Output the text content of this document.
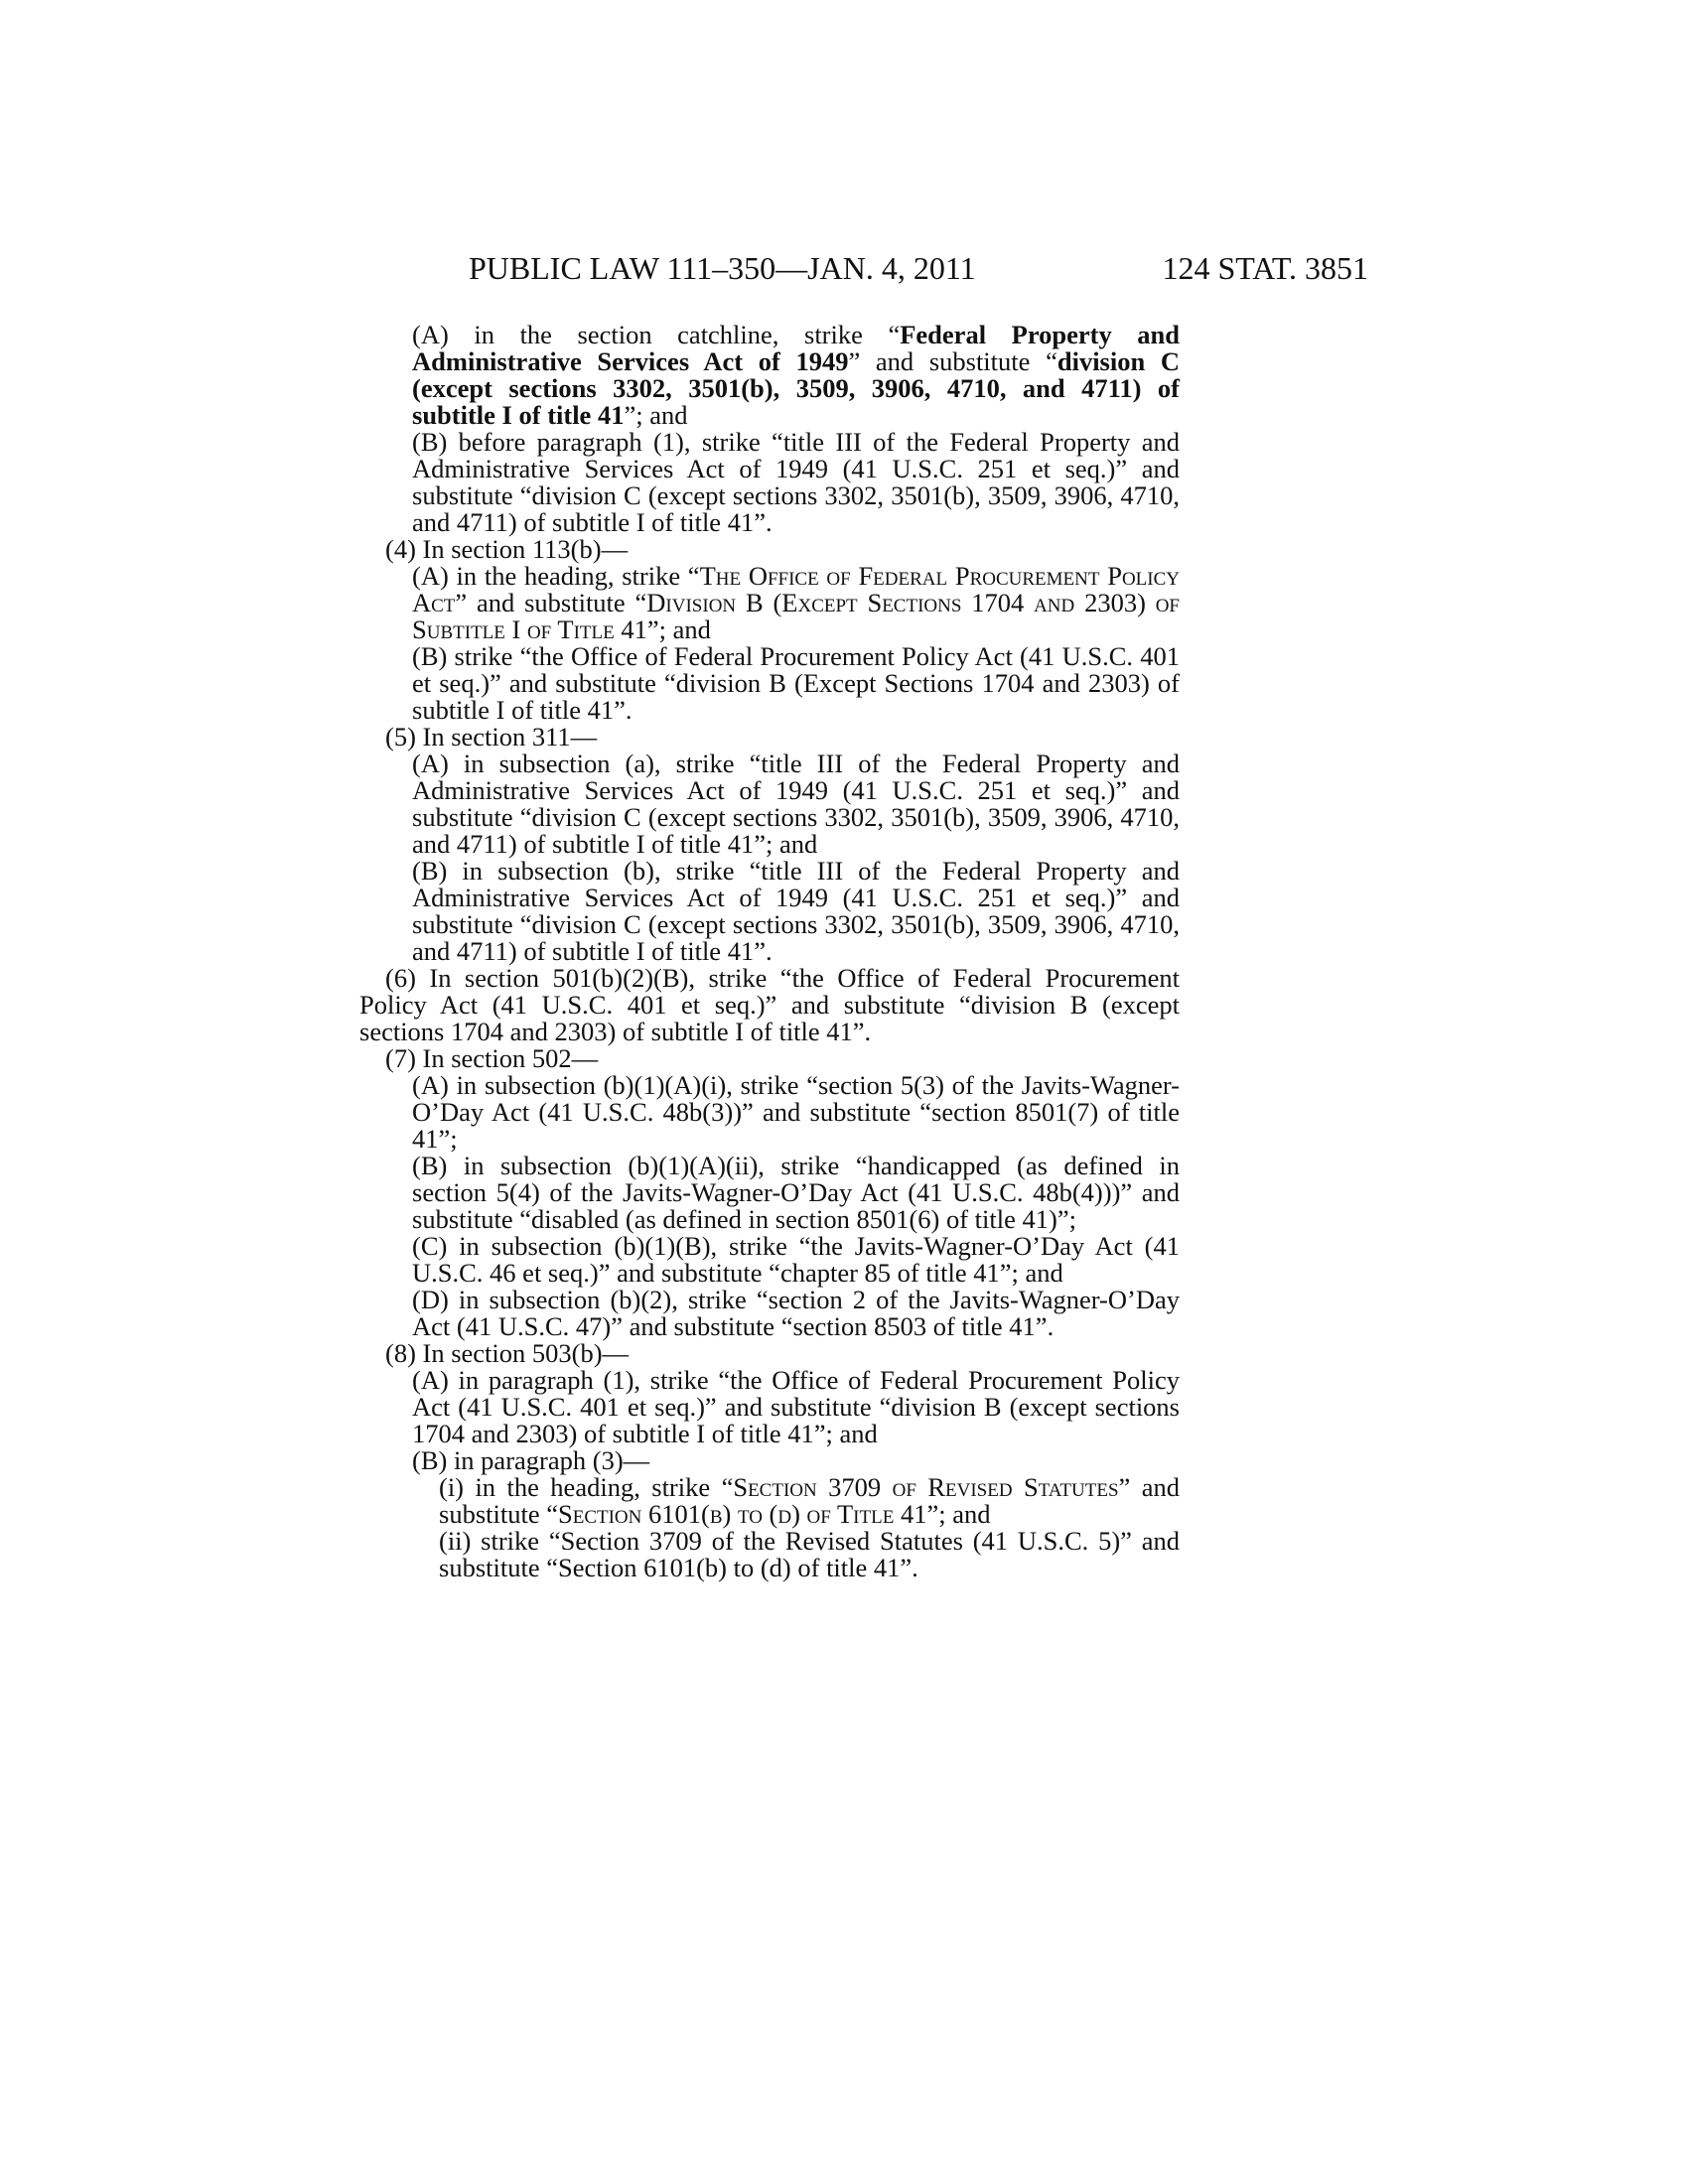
PUBLIC LAW 111–350—JAN. 4, 2011	124 STAT. 3851

(A) in the section catchline, strike “Federal Property and Administrative Services Act of 1949” and substitute “division C (except sections 3302, 3501(b), 3509, 3906, 4710, and 4711) of subtitle I of title 41”; and

(B) before paragraph (1), strike “title III of the Federal Property and Administrative Services Act of 1949 (41 U.S.C. 251 et seq.)” and substitute “division C (except sections 3302, 3501(b), 3509, 3906, 4710, and 4711) of subtitle I of title 41”.

(4) In section 113(b)—

(A) in the heading, strike “The Office of Federal Procurement Policy Act” and substitute “Division B (Except Sections 1704 and 2303) of Subtitle I of Title 41”; and

(B) strike “the Office of Federal Procurement Policy Act (41 U.S.C. 401 et seq.)” and substitute “division B (Except Sections 1704 and 2303) of subtitle I of title 41”.

(5) In section 311—

(A) in subsection (a), strike “title III of the Federal Property and Administrative Services Act of 1949 (41 U.S.C. 251 et seq.)” and substitute “division C (except sections 3302, 3501(b), 3509, 3906, 4710, and 4711) of subtitle I of title 41”; and

(B) in subsection (b), strike “title III of the Federal Property and Administrative Services Act of 1949 (41 U.S.C. 251 et seq.)” and substitute “division C (except sections 3302, 3501(b), 3509, 3906, 4710, and 4711) of subtitle I of title 41”.

(6) In section 501(b)(2)(B), strike “the Office of Federal Procurement Policy Act (41 U.S.C. 401 et seq.)” and substitute “division B (except sections 1704 and 2303) of subtitle I of title 41”.

(7) In section 502—

(A) in subsection (b)(1)(A)(i), strike “section 5(3) of the Javits-Wagner-O’Day Act (41 U.S.C. 48b(3))” and substitute “section 8501(7) of title 41”;

(B) in subsection (b)(1)(A)(ii), strike “handicapped (as defined in section 5(4) of the Javits-Wagner-O’Day Act (41 U.S.C. 48b(4)))” and substitute “disabled (as defined in section 8501(6) of title 41)”;

(C) in subsection (b)(1)(B), strike “the Javits-Wagner-O’Day Act (41 U.S.C. 46 et seq.)” and substitute “chapter 85 of title 41”; and

(D) in subsection (b)(2), strike “section 2 of the Javits-Wagner-O’Day Act (41 U.S.C. 47)” and substitute “section 8503 of title 41”.

(8) In section 503(b)—

(A) in paragraph (1), strike “the Office of Federal Procurement Policy Act (41 U.S.C. 401 et seq.)” and substitute “division B (except sections 1704 and 2303) of subtitle I of title 41”; and

(B) in paragraph (3)—

(i) in the heading, strike “Section 3709 of Revised Statutes” and substitute “Section 6101(b) to (d) of Title 41”; and

(ii) strike “Section 3709 of the Revised Statutes (41 U.S.C. 5)” and substitute “Section 6101(b) to (d) of title 41”.
